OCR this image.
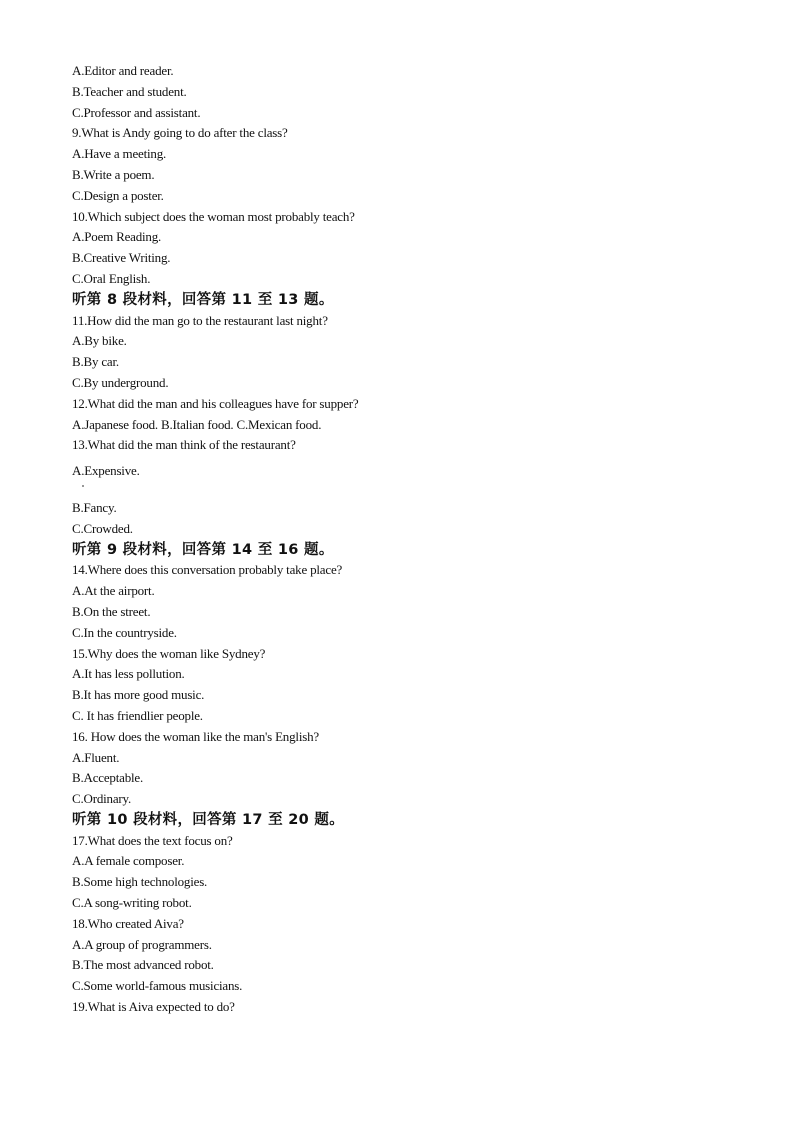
A.Editor and reader.
B.Teacher and student.
C.Professor and assistant.
9.What is Andy going to do after the class?
A.Have a meeting.
B.Write a poem.
C.Design a poster.
10.Which subject does the woman most probably teach?
A.Poem Reading.
B.Creative Writing.
C.Oral English.
听第 8 段材料，回答第 11 至 13 题。
11.How did the man go to the restaurant last night?
A.By bike.
B.By car.
C.By underground.
12.What did the man and his colleagues have for supper?
A.Japanese food. B.Italian food. C.Mexican food.
13.What did the man think of the restaurant?
A.Expensive.
B.Fancy.
C.Crowded.
听第 9 段材料，回答第 14 至 16 题。
14.Where does this conversation probably take place?
A.At the airport.
B.On the street.
C.In the countryside.
15.Why does the woman like Sydney?
A.It has less pollution.
B.It has more good music.
C. It has friendlier people.
16. How does the woman like the man's English?
A.Fluent.
B.Acceptable.
C.Ordinary.
听第 10 段材料，回答第 17 至 20 题。
17.What does the text focus on?
A.A female composer.
B.Some high technologies.
C.A song-writing robot.
18.Who created Aiva?
A.A group of programmers.
B.The most advanced robot.
C.Some world-famous musicians.
19.What is Aiva expected to do?
